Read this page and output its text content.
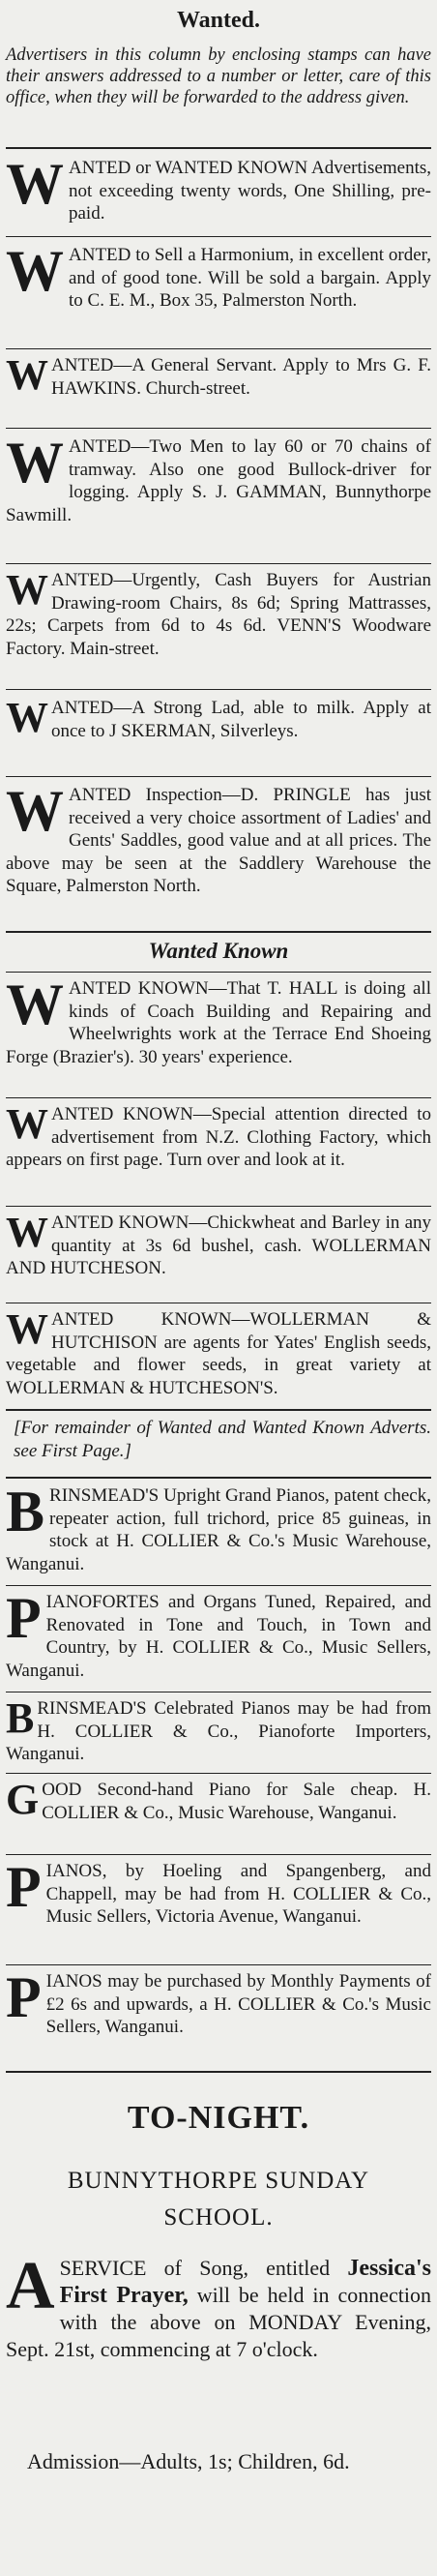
Wanted.
Advertisers in this column by enclosing stamps can have their answers addressed to a number or letter, care of this office, when they will be forwarded to the address given.
W ANTED or WANTED KNOWN Advertisements, not exceeding twenty words, One Shilling, pre-paid.
W ANTED to Sell a Harmonium, in excellent order, and of good tone. Will be sold a bargain. Apply to C. E. M., Box 35, Palmerston North.
W ANTED—A General Servant. Apply to Mrs G. F. HAWKINS. Church-street.
W ANTED—Two Men to lay 60 or 70 chains of tramway. Also one good Bullock-driver for logging. Apply S. J. GAMMAN, Bunnythorpe Sawmill.
W ANTED—Urgently, Cash Buyers for Austrian Drawing-room Chairs, 8s 6d; Spring Mattrasses, 22s; Carpets from 6d to 4s 6d. VENN'S Woodware Factory. Main-street.
W ANTED—A Strong Lad, able to milk. Apply at once to J SKERMAN, Silverleys.
W ANTED Inspection—D. PRINGLE has just received a very choice assortment of Ladies' and Gents' Saddles, good value and at all prices. The above may be seen at the Saddlery Warehouse the Square, Palmerston North.
Wanted Known
W ANTED KNOWN—That T. HALL is doing all kinds of Coach Building and Repairing and Wheelwrights work at the Terrace End Shoeing Forge (Brazier's). 30 years' experience.
W ANTED KNOWN—Special attention directed to advertisement from N.Z. Clothing Factory, which appears on first page. Turn over and look at it.
W ANTED KNOWN—Chickwheat and Barley in any quantity at 3s 6d bushel, cash. WOLLERMAN AND HUTCHESON.
W ANTED KNOWN—WOLLERMAN & HUTCHISON are agents for Yates' English seeds, vegetable and flower seeds, in great variety at WOLLERMAN & HUTCHESON'S.
[For remainder of Wanted and Wanted Known Adverts. see First Page.]
B RINSMEAD'S Upright Grand Pianos, patent check, repeater action, full trichord, price 85 guineas, in stock at H. COLLIER & Co.'s Music Warehouse, Wanganui.
P IANOFORTES and Organs Tuned, Repaired, and Renovated in Tone and Touch, in Town and Country, by H. COLLIER & Co., Music Sellers, Wanganui.
B RINSMEAD'S Celebrated Pianos may be had from H. COLLIER & Co., Pianoforte Importers, Wanganui.
G OOD Second-hand Piano for Sale cheap. H. COLLIER & Co., Music Warehouse, Wanganui.
P IANOS, by Hoeling and Spangenberg, and Chappell, may be had from H. COLLIER & Co., Music Sellers, Victoria Avenue, Wanganui.
P IANOS may be purchased by Monthly Payments of £2 6s and upwards, a H. COLLIER & Co.'s Music Sellers, Wanganui.
TO-NIGHT.
BUNNYTHORPE SUNDAY
SCHOOL.
A SERVICE of Song, entitled Jessica's First Prayer, will be held in connection with the above on MONDAY Evening, Sept. 21st, commencing at 7 o'clock.
Admission—Adults, 1s; Children, 6d.
